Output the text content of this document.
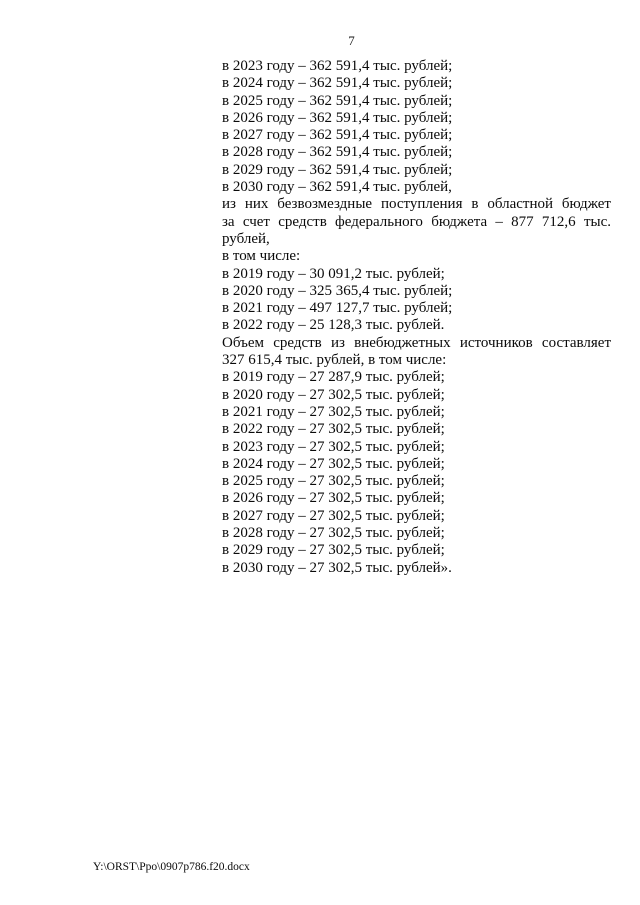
7

в 2023 году – 362 591,4 тыс. рублей;

в 2024 году – 362 591,4 тыс. рублей;

в 2025 году – 362 591,4 тыс. рублей;

в 2026 году – 362 591,4 тыс. рублей;

в 2027 году – 362 591,4 тыс. рублей;

в 2028 году – 362 591,4 тыс. рублей;

в 2029 году – 362 591,4 тыс. рублей;

в 2030 году – 362 591,4 тыс. рублей,

из них безвозмездные поступления в областной бюджет

за счет средств федерального бюджета – 877 712,6 тыс. рублей,

в том числе:

в 2019 году – 30 091,2 тыс. рублей;

в 2020 году – 325 365,4 тыс. рублей;

в 2021 году – 497 127,7 тыс. рублей;

в 2022 году – 25 128,3 тыс. рублей.

Объем средств из внебюджетных источников составляет

327 615,4 тыс. рублей, в том числе:

в 2019 году – 27 287,9 тыс. рублей;

в 2020 году – 27 302,5 тыс. рублей;

в 2021 году – 27 302,5 тыс. рублей;

в 2022 году – 27 302,5 тыс. рублей;

в 2023 году – 27 302,5 тыс. рублей;

в 2024 году – 27 302,5 тыс. рублей;

в 2025 году – 27 302,5 тыс. рублей;

в 2026 году – 27 302,5 тыс. рублей;

в 2027 году – 27 302,5 тыс. рублей;

в 2028 году – 27 302,5 тыс. рублей;

в 2029 году – 27 302,5 тыс. рублей;

в 2030 году – 27 302,5 тыс. рублей».

Y:\ORST\Ppo\0907p786.f20.docx
